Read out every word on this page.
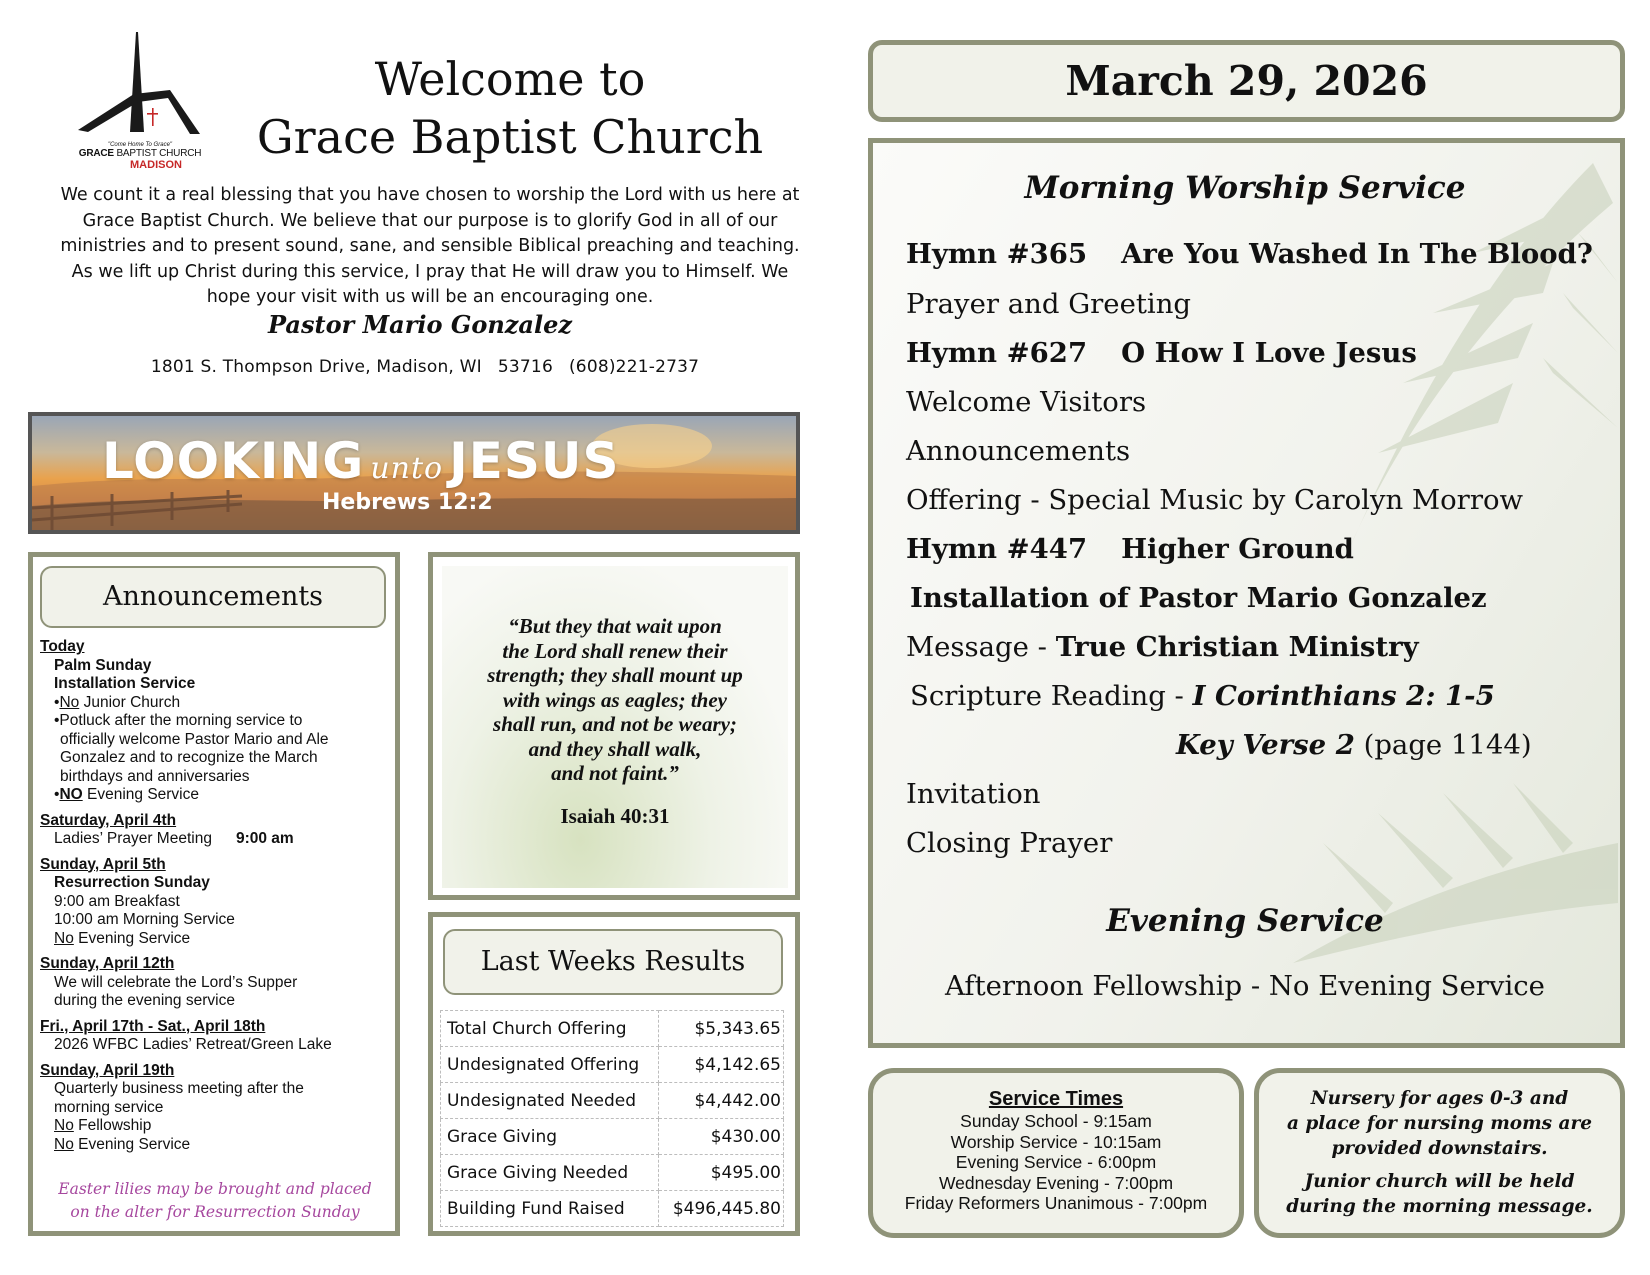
"Come Home To Grace"
GRACE BAPTIST CHURCH
MADISON
Welcome to
Grace Baptist Church
We count it a real blessing that you have chosen to worship the Lord with us here at Grace Baptist Church. We believe that our purpose is to glorify God in all of our ministries and to present sound, sane, and sensible Biblical preaching and teaching. As we lift up Christ during this service, I pray that He will draw you to Himself. We hope your visit with us will be an encouraging one.
Pastor Mario Gonzalez
1801 S. Thompson Drive, Madison, WI 53716 (608)221-2737
LOOKING unto JESUS
Hebrews 12:2
Announcements
Today
Palm Sunday
Installation Service
•No Junior Church
•Potluck after the morning service to
officially welcome Pastor Mario and Ale
Gonzalez and to recognize the March
birthdays and anniversaries
•NO Evening Service
Saturday, April 4th
Ladies’ Prayer Meeting 9:00 am
Sunday, April 5th
Resurrection Sunday
9:00 am Breakfast
10:00 am Morning Service
No Evening Service
Sunday, April 12th
We will celebrate the Lord’s Supper
during the evening service
Fri., April 17th - Sat., April 18th
2026 WFBC Ladies’ Retreat/Green Lake
Sunday, April 19th
Quarterly business meeting after the
morning service
No Fellowship
No Evening Service
Easter lilies may be brought and placed
on the alter for Resurrection Sunday
“But they that wait upon
the Lord shall renew their
strength; they shall mount up
with wings as eagles; they
shall run, and not be weary;
and they shall walk,
and not faint.”
Isaiah 40:31
Last Weeks Results
Total Church Offering	$5,343.65
Undesignated Offering	$4,142.65
Undesignated Needed	$4,442.00
Grace Giving	$430.00
Grace Giving Needed	$495.00
Building Fund Raised	$496,445.80
March 29, 2026
Morning Worship Service
Hymn #365 Are You Washed In The Blood?
Prayer and Greeting
Hymn #627 O How I Love Jesus
Welcome Visitors
Announcements
Offering - Special Music by Carolyn Morrow
Hymn #447 Higher Ground
Installation of Pastor Mario Gonzalez
Message - True Christian Ministry
Scripture Reading - I Corinthians 2: 1-5
Key Verse 2 (page 1144)
Invitation
Closing Prayer
Evening Service
Afternoon Fellowship - No Evening Service
Service Times
Sunday School - 9:15am
Worship Service - 10:15am
Evening Service - 6:00pm
Wednesday Evening - 7:00pm
Friday Reformers Unanimous - 7:00pm

Nursery for ages 0-3 and
a place for nursing moms are
provided downstairs.

Junior church will be held
during the morning message.
